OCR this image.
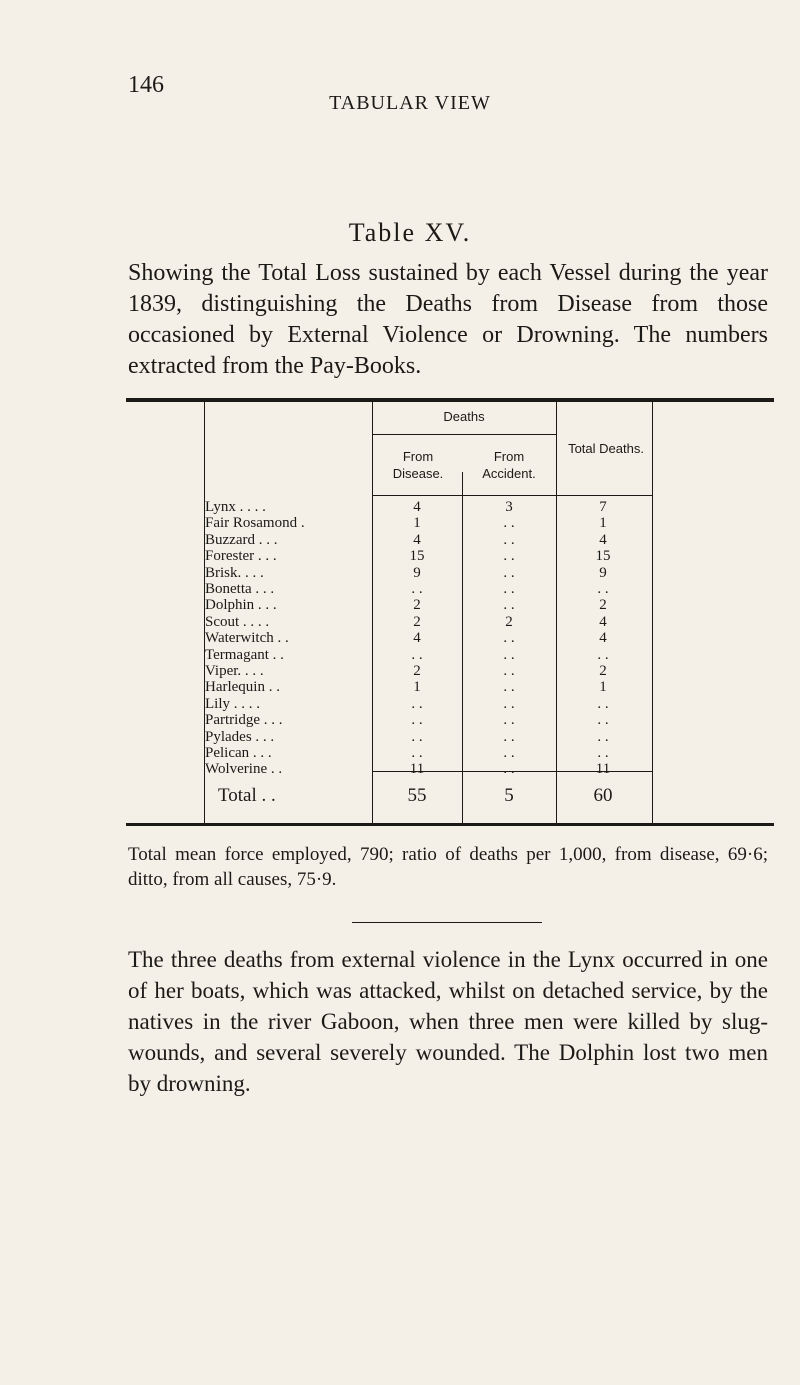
146
TABULAR VIEW
Table XV.
Showing the Total Loss sustained by each Vessel during the year 1839, distinguishing the Deaths from Disease from those occasioned by External Violence or Drowning. The numbers extracted from the Pay-Books.
Deaths
From Disease.
From Accident.
Total Deaths.
Lynx . . . .	4	3	7
Fair Rosamond .	1	. .	1
Buzzard . . .	4	. .	4
Forester . . .	15	. .	15
Brisk. . . .	9	. .	9
Bonetta . . .	. .	. .	. .
Dolphin . . .	2	. .	2
Scout . . . .	2	2	4
Waterwitch . .	4	. .	4
Termagant . .	. .	. .	. .
Viper. . . .	2	. .	2
Harlequin . .	1	. .	1
Lily . . . .	. .	. .	. .
Partridge . . .	. .	. .	. .
Pylades . . .	. .	. .	. .
Pelican . . .	. .	. .	. .
Wolverine . .	11	. .	11
Total . .	55	5	60
Total mean force employed, 790; ratio of deaths per 1,000, from disease, 69·6; ditto, from all causes, 75·9.
The three deaths from external violence in the Lynx occurred in one of her boats, which was attacked, whilst on detached service, by the natives in the river Gaboon, when three men were killed by slug-wounds, and several severely wounded. The Dolphin lost two men by drowning.
